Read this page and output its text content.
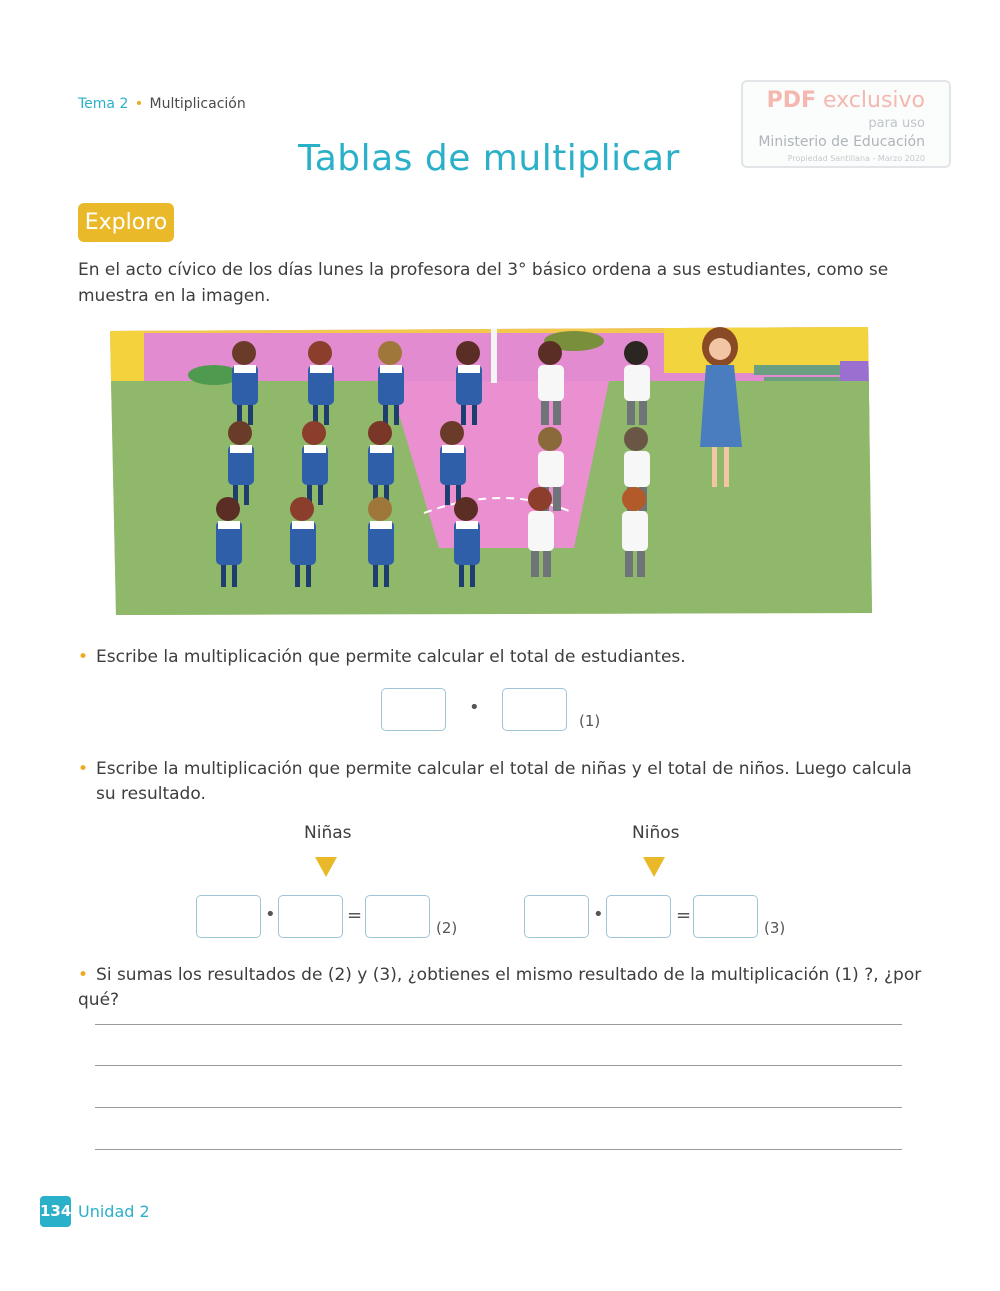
Tema 2 • Multiplicación	PDF exclusivo
para uso
Ministerio de Educación
Propiedad Santillana - Marzo 2020
Tablas de multiplicar
Exploro
En el acto cívico de los días lunes la profesora del 3° básico ordena a sus estudiantes, como se muestra en la imagen.
• Escribe la multiplicación que permite calcular el total de estudiantes.
•
(1)
• Escribe la multiplicación que permite calcular el total de niñas y el total de niños. Luego calcula
su resultado.
Niñas	Niños
•	=
(2)
•	=
(3)
• Si sumas los resultados de (2) y (3), ¿obtienes el mismo resultado de la multiplicación (1) ?, ¿por qué?
134 Unidad 2
